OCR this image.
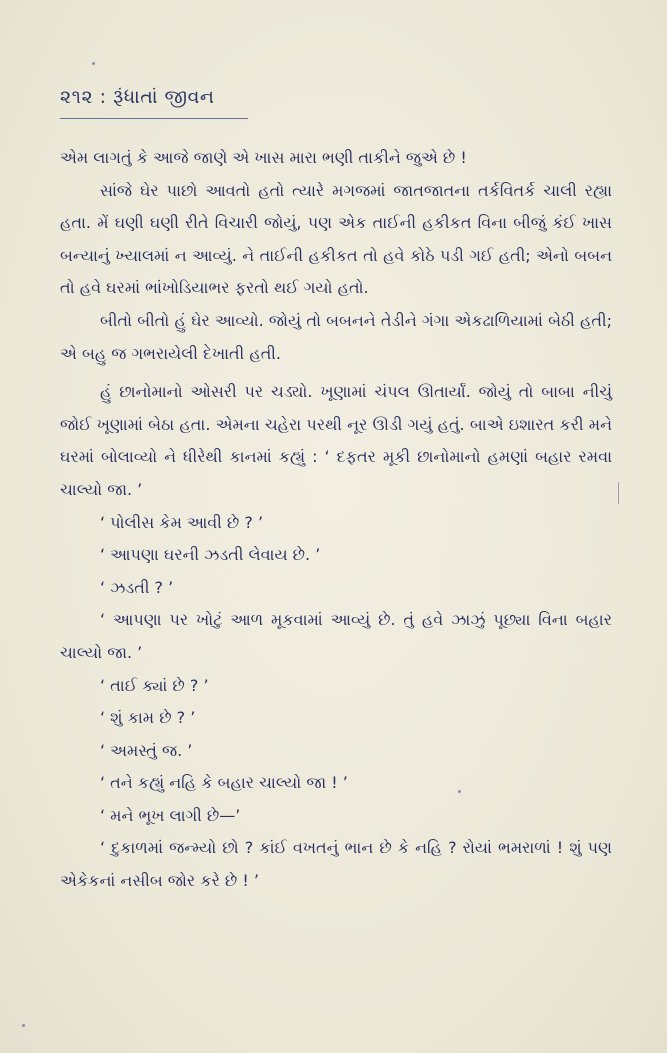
૨૧૨ : રૂંધાતાં જીવન

એમ લાગતું કે આજે જાણે એ ખાસ મારા ભણી તાકીને જુએ છે !

સાંજે ઘેર પાછો આવતો હતો ત્યારે મગજમાં જાતજાતના તર્કવિતર્ક ચાલી રહ્યા હતા. મેં ઘણી ઘણી રીતે વિચારી જોયું, પણ એક તાઈની હકીકત વિના બીજું કંઈ ખાસ બન્યાનું ખ્યાલમાં ન આવ્યું. ને તાઈની હકીકત તો હવે કોઠે પડી ગઈ હતી; એનો બબન તો હવે ઘરમાં ભાંખોડિયાભર ફરતો થઈ ગયો હતો.

બીતો બીતો હું ઘેર આવ્યો. જોયું તો બબનને તેડીને ગંગા એકઢાળિયામાં બેઠી હતી; એ બહુ જ ગભરાયેલી દેખાતી હતી.

હું છાનોમાનો ઓસરી પર ચડ્યો. ખૂણામાં ચંપલ ઊતાર્યાં. જોયું તો બાબા નીચું જોઈ ખૂણામાં બેઠા હતા. એમના ચહેરા પરથી નૂર ઊડી ગયું હતું. બાએ ઇશારત કરી મને ઘરમાં બોલાવ્યો ને ધીરેથી કાનમાં કહ્યું : ‘ દફતર મૂકી છાનોમાનો હમણાં બહાર રમવા ચાલ્યો જા. ’

‘ પોલીસ કેમ આવી છે ? ’

‘ આપણા ઘરની ઝડતી લેવાય છે. ’

‘ ઝડતી ? ’

‘ આપણા પર ખોટું આળ મૂકવામાં આવ્યું છે. તું હવે ઝાઝું પૂછ્યા વિના બહાર ચાલ્યો જા. ’

‘ તાઈ ક્યાં છે ? ’

‘ શું કામ છે ? ’

‘ અમસ્તું જ. ’

‘ તને કહ્યું નહિ કે બહાર ચાલ્યો જા ! ’

‘ મને ભૂખ લાગી છે—’

‘ દુકાળમાં જન્મ્યો છો ? કાંઈ વખતનું ભાન છે કે નહિ ? રોયાં ભમરાળાં ! શું પણ એકેકનાં નસીબ જોર કરે છે ! ’
